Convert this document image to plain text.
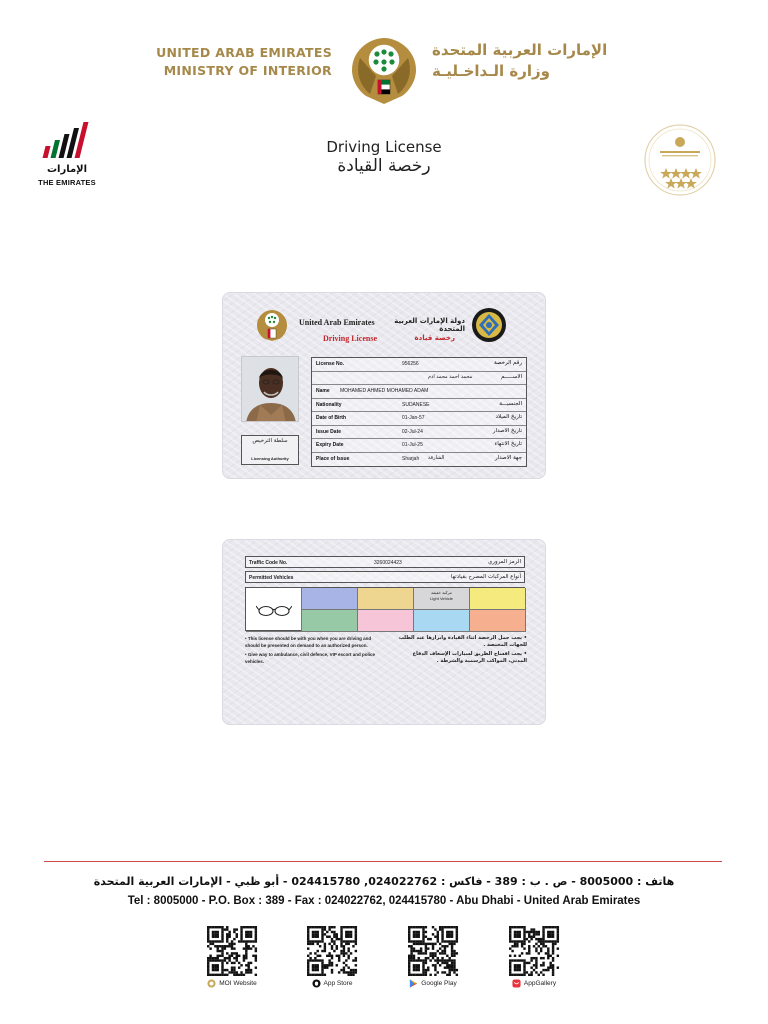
UNITED ARAB EMIRATES
MINISTRY OF INTERIOR
الإمارات العربية المتحدة
وزارة الـداخـليـة
الإمارات
THE EMIRATES
Driving License
رخصة القيادة
United Arab Emirates	دولة الإمارات العربية المتحدة
Driving License	رخصة قيادة
سلطة الترخيص
Licensing Authority
License No.	956256	رقم الرخصة
محمد احمد محمد ادم	الاســـــم
Name MOHAMED AHMED MOHAMED ADAM
Nationality	SUDANESE	الجنسيـــة
Date of Birth	01-Jan-57	تاريخ الميلاد
Issue Date	02-Jul-24	تاريخ الاصدار
Expiry Date	01-Jul-25	تاريخ الانتهاء
Place of Issue	Sharjah الشارقة	جهة الاصدار
Traffic Code No.	3260024423	الرمز المروري
Permitted Vehicles	أنواع المركبات المصرح بقيادتها
مركبة خفيفة
Light Vehicle

• This license should be with you when you are driving and should be presented on demand to an authorized person.

• Give way to ambulance, civil defence, VIP escort and police vehicles.

• يجب حمل الرخصة اثناء القيادة وابرازها عند الطلب للجهات المختصة .

• يجب افساح الطريق لسيارات الإسعاف الدفاع المدني، المواكب الرسمية والشرطة .

هاتف : 8005000 - ص . ب : 389 - فاكس : 024022762, 024415780 - أبو ظبي - الإمارات العربية المتحدة
Tel : 8005000 - P.O. Box : 389 - Fax : 024022762, 024415780 - Abu Dhabi - United Arab Emirates
MOI Website	App Store	Google Play	AppGallery
